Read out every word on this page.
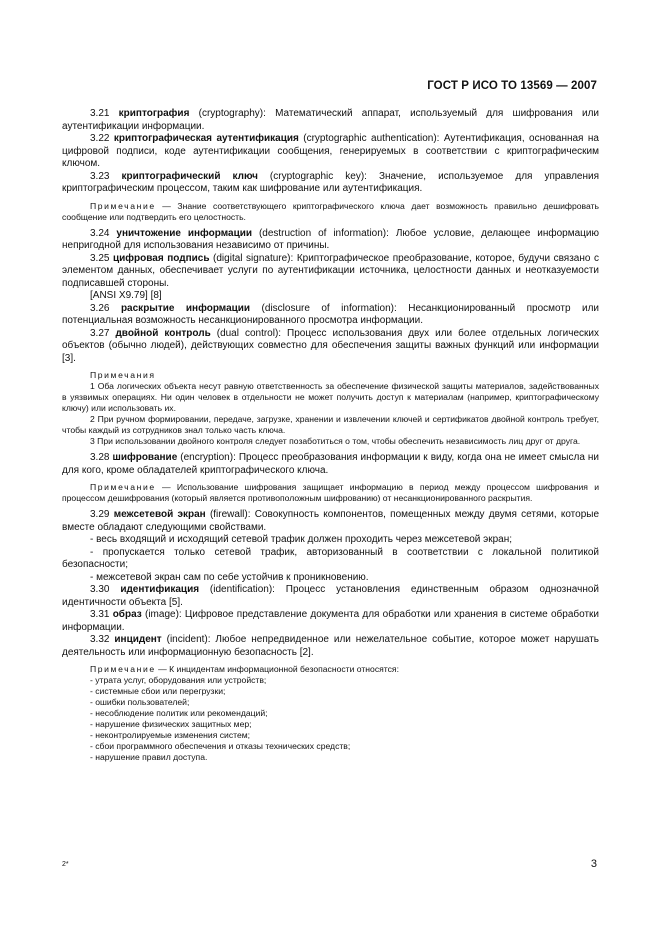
ГОСТ Р ИСО ТО 13569 — 2007

3.21 криптография (cryptography): Математический аппарат, используемый для шифрования или аутентификации информации.

3.22 криптографическая аутентификация (cryptographic authentication): Аутентификация, основанная на цифровой подписи, коде аутентификации сообщения, генерируемых в соответствии с криптографическим ключом.

3.23 криптографический ключ (cryptographic key): Значение, используемое для управления криптографическим процессом, таким как шифрование или аутентификация.

Примечание — Знание соответствующего криптографического ключа дает возможность правильно дешифровать сообщение или подтвердить его целостность.

3.24 уничтожение информации (destruction of information): Любое условие, делающее информацию непригодной для использования независимо от причины.

3.25 цифровая подпись (digital signature): Криптографическое преобразование, которое, будучи связано с элементом данных, обеспечивает услуги по аутентификации источника, целостности данных и неотказуемости подписавшей стороны.

[ANSI X9.79] [8]

3.26 раскрытие информации (disclosure of information): Несанкционированный просмотр или потенциальная возможность несанкционированного просмотра информации.

3.27 двойной контроль (dual control): Процесс использования двух или более отдельных логических объектов (обычно людей), действующих совместно для обеспечения защиты важных функций или информации [3].

Примечания

1 Оба логических объекта несут равную ответственность за обеспечение физической защиты материалов, задействованных в уязвимых операциях. Ни один человек в отдельности не может получить доступ к материалам (например, криптографическому ключу) или использовать их.

2 При ручном формировании, передаче, загрузке, хранении и извлечении ключей и сертификатов двойной контроль требует, чтобы каждый из сотрудников знал только часть ключа.

3 При использовании двойного контроля следует позаботиться о том, чтобы обеспечить независимость лиц друг от друга.

3.28 шифрование (encryption): Процесс преобразования информации к виду, когда она не имеет смысла ни для кого, кроме обладателей криптографического ключа.

Примечание — Использование шифрования защищает информацию в период между процессом шифрования и процессом дешифрования (который является противоположным шифрованию) от несанкционированного раскрытия.

3.29 межсетевой экран (firewall): Совокупность компонентов, помещенных между двумя сетями, которые вместе обладают следующими свойствами.

- весь входящий и исходящий сетевой трафик должен проходить через межсетевой экран;

- пропускается только сетевой трафик, авторизованный в соответствии с локальной политикой безопасности;

- межсетевой экран сам по себе устойчив к проникновению.

3.30 идентификация (identification): Процесс установления единственным образом однозначной идентичности объекта [5].

3.31 образ (image): Цифровое представление документа для обработки или хранения в системе обработки информации.

3.32 инцидент (incident): Любое непредвиденное или нежелательное событие, которое может нарушать деятельность или информационную безопасность [2].

Примечание — К инцидентам информационной безопасности относятся:

- утрата услуг, оборудования или устройств;

- системные сбои или перегрузки;

- ошибки пользователей;

- несоблюдение политик или рекомендаций;

- нарушение физических защитных мер;

- неконтролируемые изменения систем;

- сбои программного обеспечения и отказы технических средств;

- нарушение правил доступа.

2*	3
